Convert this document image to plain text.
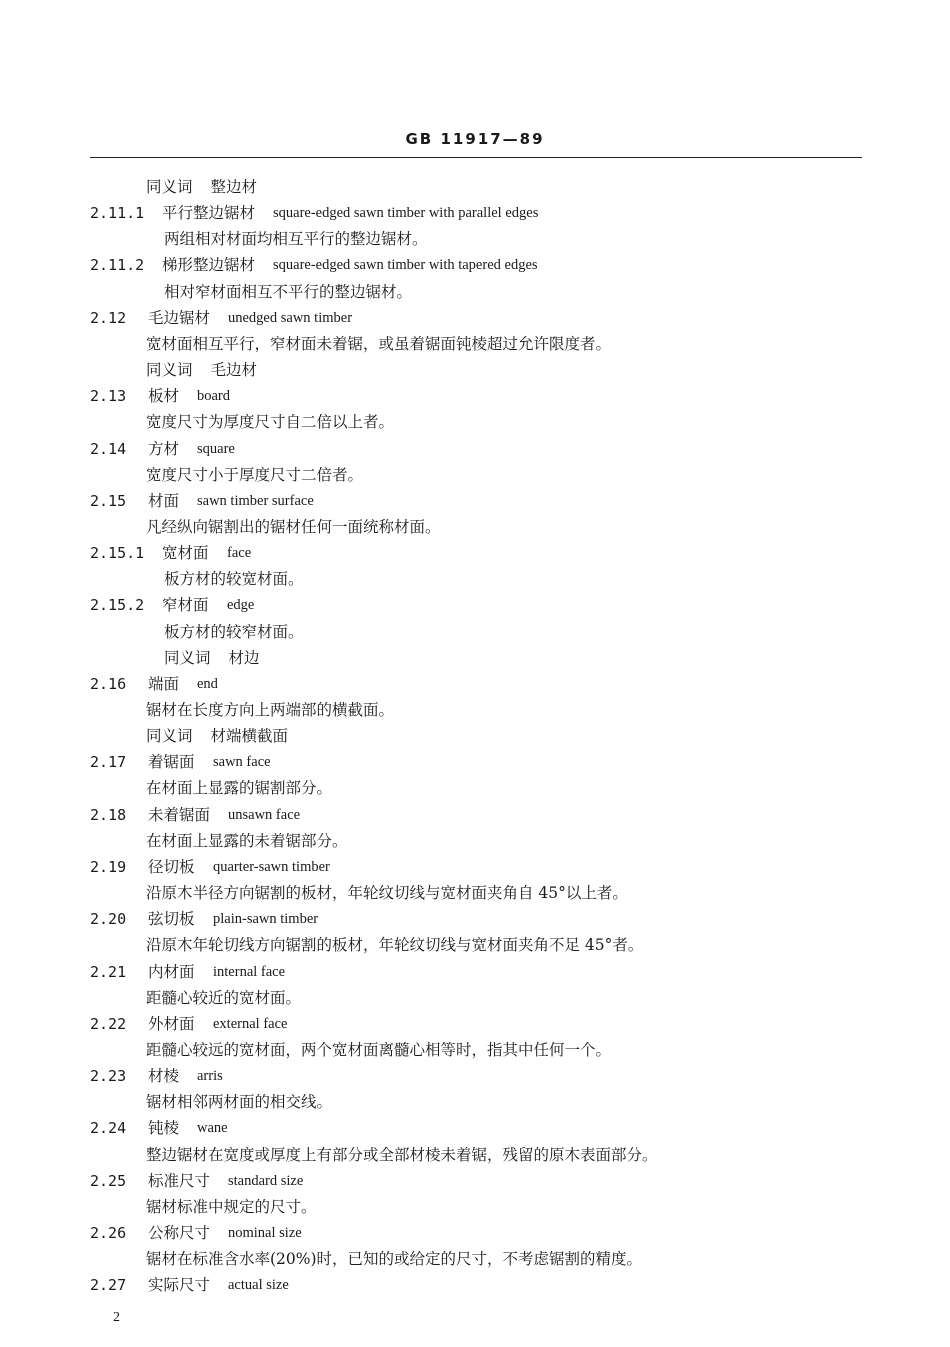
GB 11917—89
同义词 整边材
2.11.1 平行整边锯材 square-edged sawn timber with parallel edges
两组相对材面均相互平行的整边锯材。
2.11.2 梯形整边锯材 square-edged sawn timber with tapered edges
相对窄材面相互不平行的整边锯材。
2.12 毛边锯材 unedged sawn timber
宽材面相互平行，窄材面未着锯，或虽着锯面钝棱超过允许限度者。
同义词 毛边材
2.13 板材 board
宽度尺寸为厚度尺寸自二倍以上者。
2.14 方材 square
宽度尺寸小于厚度尺寸二倍者。
2.15 材面 sawn timber surface
凡经纵向锯割出的锯材任何一面统称材面。
2.15.1 宽材面 face
板方材的较宽材面。
2.15.2 窄材面 edge
板方材的较窄材面。
同义词 材边
2.16 端面 end
锯材在长度方向上两端部的横截面。
同义词 材端横截面
2.17 着锯面 sawn face
在材面上显露的锯割部分。
2.18 未着锯面 unsawn face
在材面上显露的未着锯部分。
2.19 径切板 quarter-sawn timber
沿原木半径方向锯割的板材，年轮纹切线与宽材面夹角自 45°以上者。
2.20 弦切板 plain-sawn timber
沿原木年轮切线方向锯割的板材，年轮纹切线与宽材面夹角不足 45°者。
2.21 内材面 internal face
距髓心较近的宽材面。
2.22 外材面 external face
距髓心较远的宽材面，两个宽材面离髓心相等时，指其中任何一个。
2.23 材棱 arris
锯材相邻两材面的相交线。
2.24 钝棱 wane
整边锯材在宽度或厚度上有部分或全部材棱未着锯，残留的原木表面部分。
2.25 标准尺寸 standard size
锯材标准中规定的尺寸。
2.26 公称尺寸 nominal size
锯材在标准含水率(20%)时，已知的或给定的尺寸，不考虑锯割的精度。
2.27 实际尺寸 actual size
2
